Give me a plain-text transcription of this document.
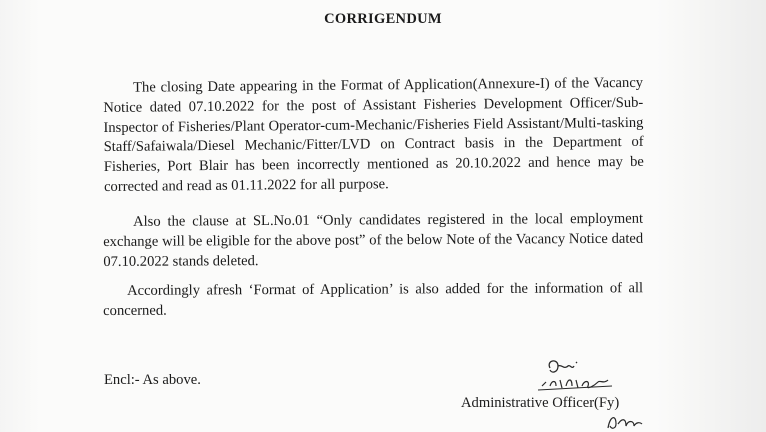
CORRIGENDUM

The closing Date appearing in the Format of Application(Annexure-I) of the Vacancy Notice dated 07.10.2022 for the post of Assistant Fisheries Development Officer/Sub-Inspector of Fisheries/Plant Operator-cum-Mechanic/Fisheries Field Assistant/Multi-tasking Staff/Safaiwala/Diesel Mechanic/Fitter/LVD on Contract basis in the Department of Fisheries, Port Blair has been incorrectly mentioned as 20.10.2022 and hence may be corrected and read as 01.11.2022 for all purpose.

Also the clause at SL.No.01 “Only candidates registered in the local employment exchange will be eligible for the above post” of the below Note of the Vacancy Notice dated 07.10.2022 stands deleted.

Accordingly afresh ‘Format of Application’ is also added for the information of all concerned.

Encl:- As above.
Administrative Officer(Fy)
